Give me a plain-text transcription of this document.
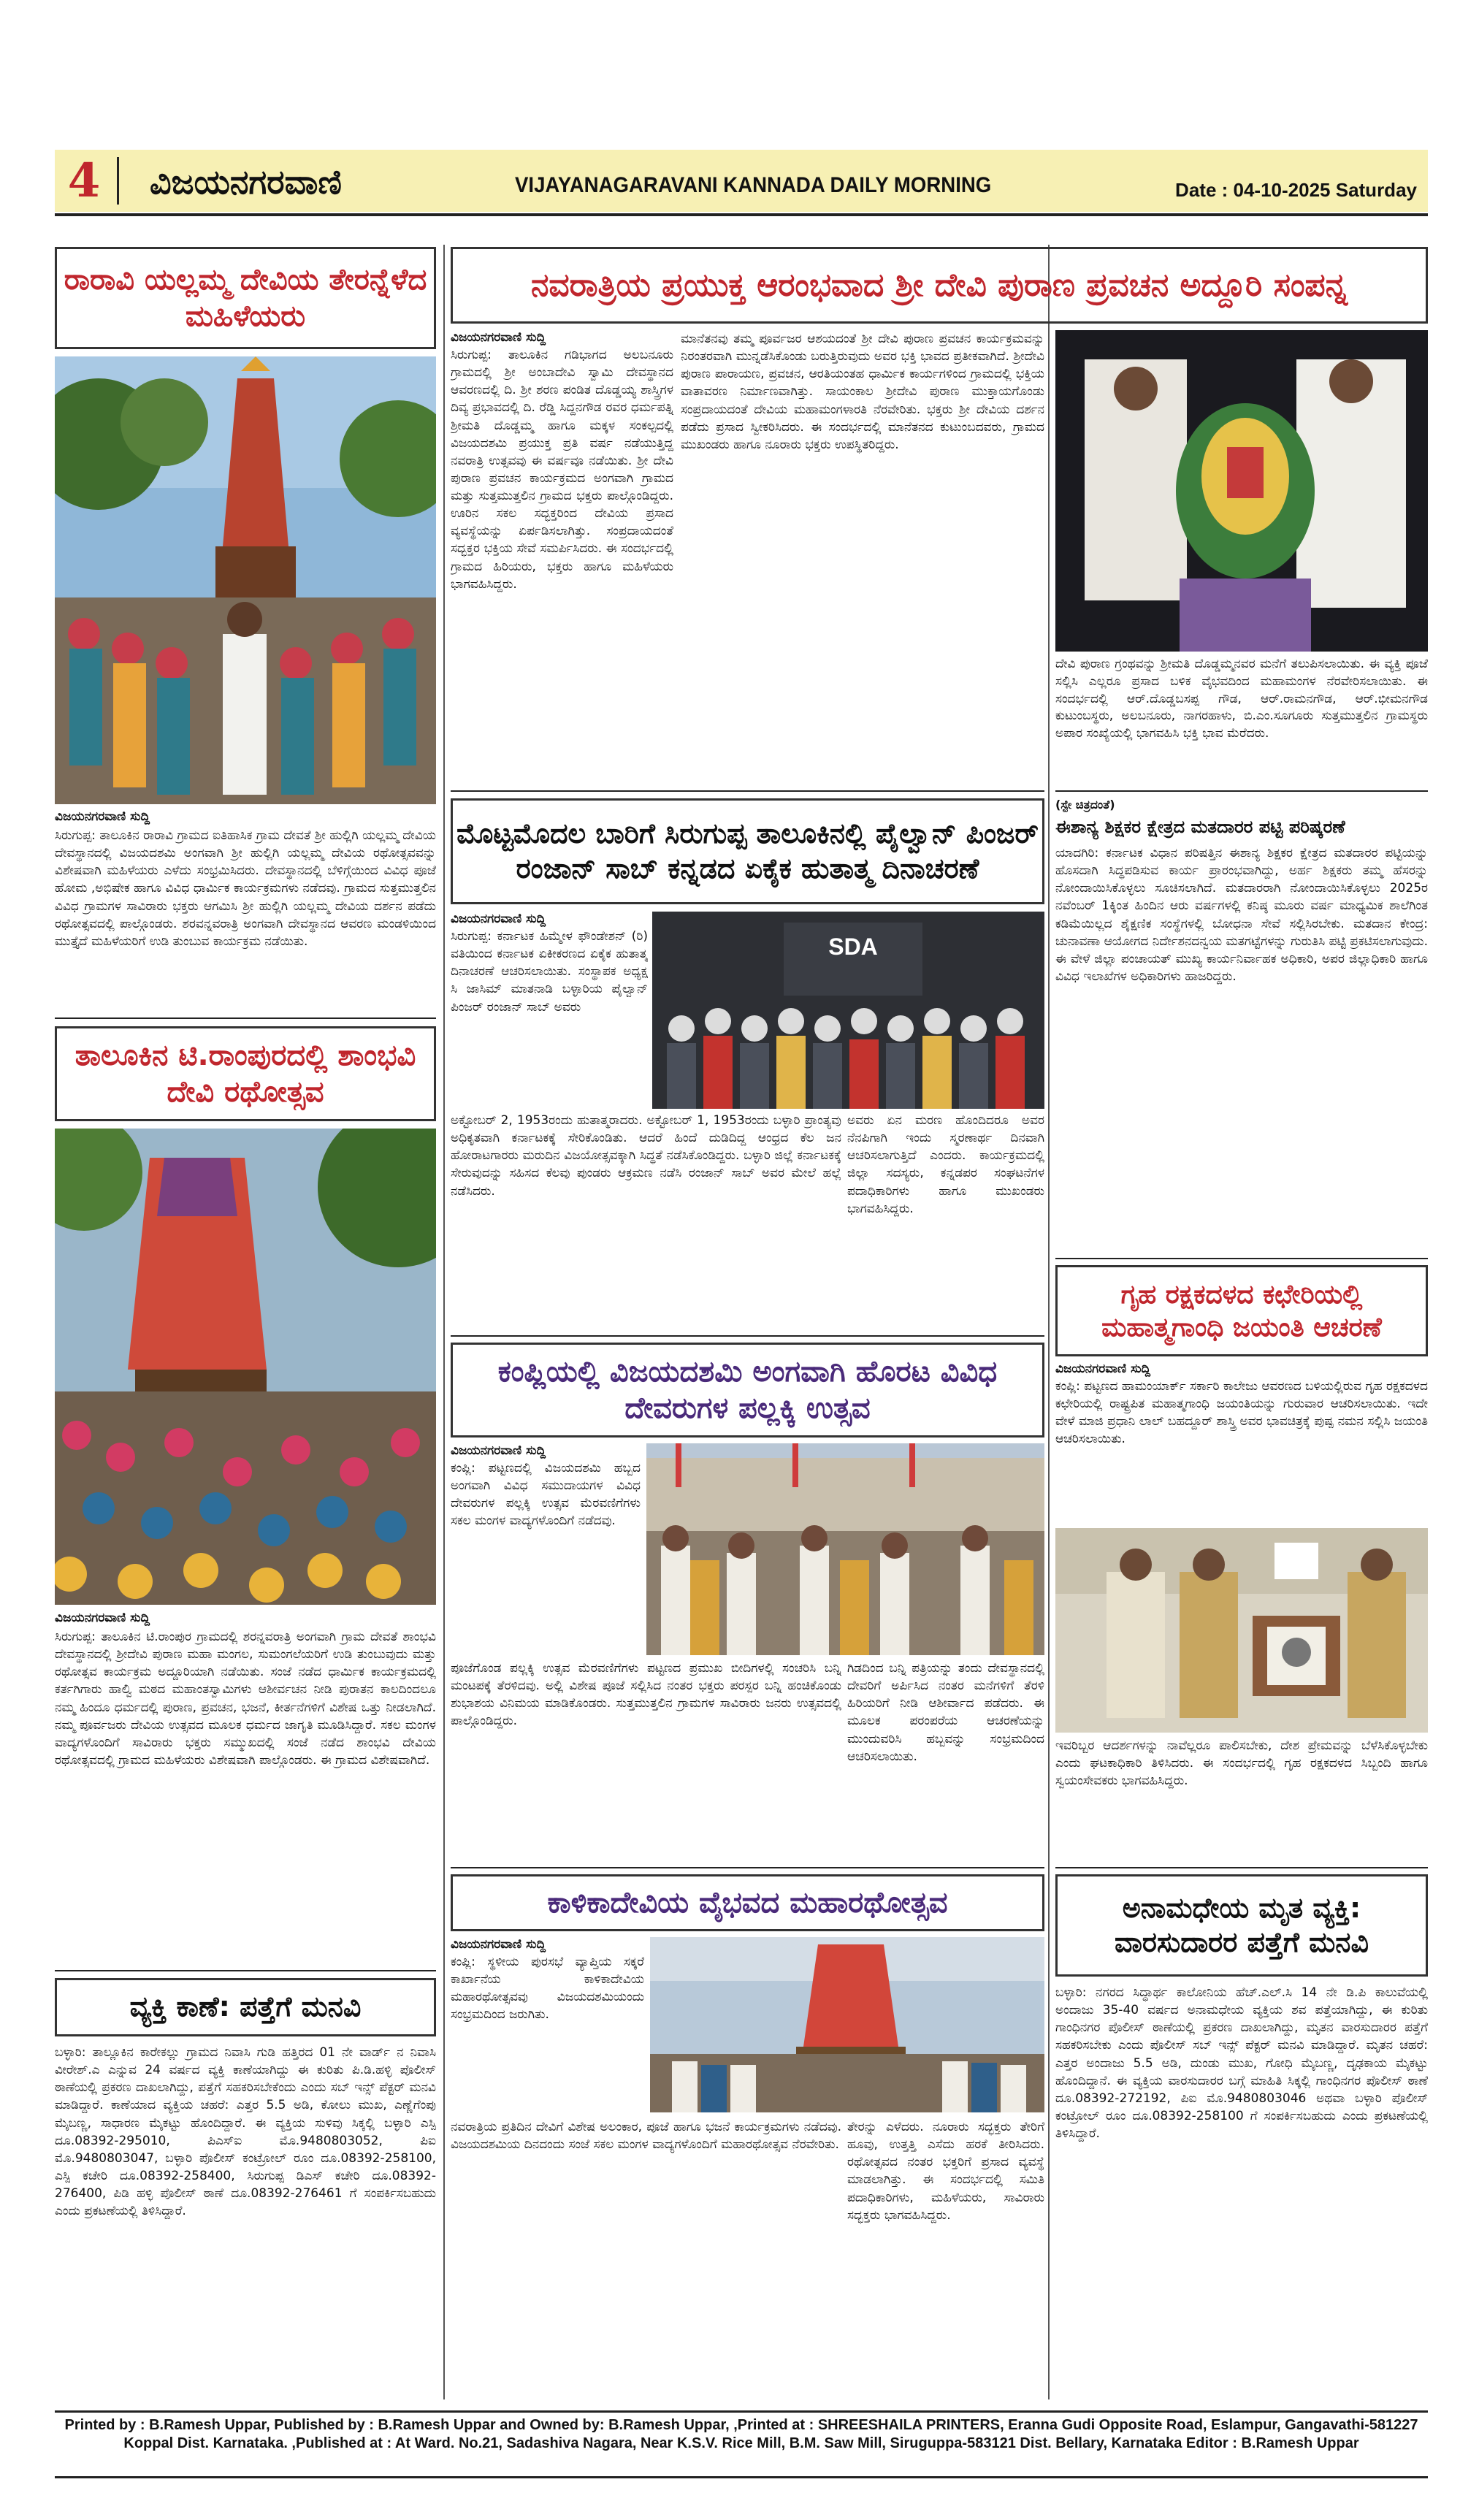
4 ವಿಜಯನಗರವಾಣಿ	VIJAYANAGARAVANI KANNADA DAILY MORNING	Date : 04-10-2025 Saturday
ರಾರಾವಿ ಯಲ್ಲಮ್ಮ ದೇವಿಯ ತೇರನ್ನೆಳೆದ ಮಹಿಳೆಯರು
ವಿಜಯನಗರವಾಣಿ ಸುದ್ದಿ
ಸಿರುಗುಪ್ಪ: ತಾಲೂಕಿನ ರಾರಾವಿ ಗ್ರಾಮದ ಐತಿಹಾಸಿಕ ಗ್ರಾಮ ದೇವತೆ ಶ್ರೀ ಹುಲ್ಲಿಗಿ ಯಲ್ಲಮ್ಮ ದೇವಿಯ ದೇವಸ್ಥಾನದಲ್ಲಿ ವಿಜಯದಶಮಿ ಅಂಗವಾಗಿ ಶ್ರೀ ಹುಲ್ಲಿಗಿ ಯಲ್ಲಮ್ಮ ದೇವಿಯ ರಥೋತ್ಸವವನ್ನು ವಿಶೇಷವಾಗಿ ಮಹಿಳೆಯರು ಎಳೆದು ಸಂಭ್ರಮಿಸಿದರು. ದೇವಸ್ಥಾನದಲ್ಲಿ ಬೆಳಿಗ್ಗೆಯಿಂದ ವಿವಿಧ ಪೂಜೆ ಹೋಮ ,ಅಭಿಷೇಕ ಹಾಗೂ ವಿವಿಧ ಧಾರ್ಮಿಕ ಕಾರ್ಯಕ್ರಮಗಳು ನಡೆದವು. ಗ್ರಾಮದ ಸುತ್ತಮುತ್ತಲಿನ ವಿವಿಧ ಗ್ರಾಮಗಳ ಸಾವಿರಾರು ಭಕ್ತರು ಆಗಮಿಸಿ ಶ್ರೀ ಹುಲ್ಲಿಗಿ ಯಲ್ಲಮ್ಮ ದೇವಿಯ ದರ್ಶನ ಪಡೆದು ರಥೋತ್ಸವದಲ್ಲಿ ಪಾಲ್ಗೊಂಡರು. ಶರವನ್ನವರಾತ್ರಿ ಅಂಗವಾಗಿ ದೇವಸ್ಥಾನದ ಆವರಣ ಮಂಡಳಿಯಿಂದ ಮುತ್ತೈದೆ ಮಹಿಳೆಯರಿಗೆ ಉಡಿ ತುಂಬುವ ಕಾರ್ಯಕ್ರಮ ನಡೆಯಿತು.
ತಾಲೂಕಿನ ಟಿ.ರಾಂಪುರದಲ್ಲಿ ಶಾಂಭವಿ ದೇವಿ ರಥೋತ್ಸವ
ವಿಜಯನಗರವಾಣಿ ಸುದ್ದಿ
ಸಿರುಗುಪ್ಪ: ತಾಲೂಕಿನ ಟಿ.ರಾಂಪುರ ಗ್ರಾಮದಲ್ಲಿ ಶರನ್ನವರಾತ್ರಿ ಅಂಗವಾಗಿ ಗ್ರಾಮ ದೇವತೆ ಶಾಂಭವಿ ದೇವಸ್ಥಾನದಲ್ಲಿ ಶ್ರೀದೇವಿ ಪುರಾಣ ಮಹಾ ಮಂಗಲ, ಸುಮಂಗಲೆಯರಿಗೆ ಉಡಿ ತುಂಬುವುದು ಮತ್ತು ರಥೋತ್ಸವ ಕಾರ್ಯಕ್ರಮ ಅದ್ದೂರಿಯಾಗಿ ನಡೆಯಿತು. ಸಂಜೆ ನಡೆದ ಧಾರ್ಮಿಕ ಕಾರ್ಯಕ್ರಮದಲ್ಲಿ ಕರ್ತಗಿಗಾರು ಹಾಲ್ವಿ ಮಠದ ಮಹಾಂತಸ್ವಾಮಿಗಳು ಆಶೀರ್ವಚನ ನೀಡಿ ಪುರಾತನ ಕಾಲದಿಂದಲೂ ನಮ್ಮ ಹಿಂದೂ ಧರ್ಮದಲ್ಲಿ ಪುರಾಣ, ಪ್ರವಚನ, ಭಜನೆ, ಕೀರ್ತನೆಗಳಿಗೆ ವಿಶೇಷ ಒತ್ತು ನೀಡಲಾಗಿದೆ. ನಮ್ಮ ಪೂರ್ವಜರು ದೇವಿಯ ಉತ್ಸವದ ಮೂಲಕ ಧರ್ಮದ ಜಾಗೃತಿ ಮೂಡಿಸಿದ್ದಾರೆ. ಸಕಲ ಮಂಗಳ ವಾದ್ಯಗಳೊಂದಿಗೆ ಸಾವಿರಾರು ಭಕ್ತರು ಸಮ್ಮುಖದಲ್ಲಿ ಸಂಜೆ ನಡೆದ ಶಾಂಭವಿ ದೇವಿಯ ರಥೋತ್ಸವದಲ್ಲಿ ಗ್ರಾಮದ ಮಹಿಳೆಯರು ವಿಶೇಷವಾಗಿ ಪಾಲ್ಗೊಂಡರು. ಈ ಗ್ರಾಮದ ವಿಶೇಷವಾಗಿದೆ.
ವ್ಯಕ್ತಿ ಕಾಣೆ: ಪತ್ತೆಗೆ ಮನವಿ
ಬಳ್ಳಾರಿ: ತಾಲ್ಲೂಕಿನ ಕಾರೇಕಲ್ಲು ಗ್ರಾಮದ ನಿವಾಸಿ ಗುಡಿ ಹತ್ತಿರದ 01 ನೇ ವಾರ್ಡ್ ನ ನಿವಾಸಿ ವೀರೇಶ್.ಎ ಎನ್ನುವ 24 ವರ್ಷದ ವ್ಯಕ್ತಿ ಕಾಣೆಯಾಗಿದ್ದು ಈ ಕುರಿತು ಪಿ.ಡಿ.ಹಳ್ಳಿ ಪೊಲೀಸ್ ಠಾಣೆಯಲ್ಲಿ ಪ್ರಕರಣ ದಾಖಲಾಗಿದ್ದು, ಪತ್ತೆಗೆ ಸಹಕರಿಸಬೇಕೆಂದು ಎಂದು ಸಬ್ ಇನ್ಸ್ ಪೆಕ್ಟರ್ ಮನವಿ ಮಾಡಿದ್ದಾರೆ. ಕಾಣೆಯಾದ ವ್ಯಕ್ತಿಯ ಚಹರೆ: ಎತ್ತರ 5.5 ಅಡಿ, ಕೋಲು ಮುಖ, ಎಣ್ಣೆಗೆಂಪು ಮೈಬಣ್ಣ, ಸಾಧಾರಣ ಮೈಕಟ್ಟು ಹೊಂದಿದ್ದಾರೆ. ಈ ವ್ಯಕ್ತಿಯ ಸುಳಿವು ಸಿಕ್ಕಲ್ಲಿ ಬಳ್ಳಾರಿ ಎಸ್ಪಿ ದೂ.08392-295010, ಪಿಎಸ್ಐ ಮೊ.9480803052, ಪಿಐ ಮೊ.9480803047, ಬಳ್ಳಾರಿ ಪೊಲೀಸ್ ಕಂಟ್ರೋಲ್ ರೂಂ ದೂ.08392-258100, ಎಸ್ಪಿ ಕಚೇರಿ ದೂ.08392-258400, ಸಿರುಗುಪ್ಪ ಡಿಎಸ್ ಕಚೇರಿ ದೂ.08392-276400, ಪಿಡಿ ಹಳ್ಳಿ ಪೊಲೀಸ್ ಠಾಣೆ ದೂ.08392-276461 ಗೆ ಸಂಪರ್ಕಿಸಬಹುದು ಎಂದು ಪ್ರಕಟಣೆಯಲ್ಲಿ ತಿಳಿಸಿದ್ದಾರೆ.
ನವರಾತ್ರಿಯ ಪ್ರಯುಕ್ತ ಆರಂಭವಾದ ಶ್ರೀ ದೇವಿ ಪುರಾಣ ಪ್ರವಚನ ಅದ್ದೂರಿ ಸಂಪನ್ನ
ವಿಜಯನಗರವಾಣಿ ಸುದ್ದಿ
ಸಿರುಗುಪ್ಪ: ತಾಲೂಕಿನ ಗಡಿಭಾಗದ ಅಲಬನೂರು ಗ್ರಾಮದಲ್ಲಿ ಶ್ರೀ ಅಂಬಾದೇವಿ ಸ್ವಾಮಿ ದೇವಸ್ಥಾನದ ಆವರಣದಲ್ಲಿ ದಿ. ಶ್ರೀ ಶರಣ ಪಂಡಿತ ದೊಡ್ಡಯ್ಯ ಶಾಸ್ತ್ರಿಗಳ ದಿವ್ಯ ಪ್ರಭಾವದಲ್ಲಿ ದಿ. ರೆಡ್ಡಿ ಸಿದ್ದನಗೌಡ ರವರ ಧರ್ಮಪತ್ನಿ ಶ್ರೀಮತಿ ದೊಡ್ಡಮ್ಮ ಹಾಗೂ ಮಕ್ಕಳ ಸಂಕಲ್ಪದಲ್ಲಿ ವಿಜಯದಶಮಿ ಪ್ರಯುಕ್ತ ಪ್ರತಿ ವರ್ಷ ನಡೆಯುತ್ತಿದ್ದ ನವರಾತ್ರಿ ಉತ್ಸವವು ಈ ವರ್ಷವೂ ನಡೆಯಿತು. ಶ್ರೀ ದೇವಿ ಪುರಾಣ ಪ್ರವಚನ ಕಾರ್ಯಕ್ರಮದ ಅಂಗವಾಗಿ ಗ್ರಾಮದ ಮತ್ತು ಸುತ್ತಮುತ್ತಲಿನ ಗ್ರಾಮದ ಭಕ್ತರು ಪಾಲ್ಗೊಂಡಿದ್ದರು. ಊರಿನ ಸಕಲ ಸದ್ಭಕ್ತರಿಂದ ದೇವಿಯ ಪ್ರಸಾದ ವ್ಯವಸ್ಥೆಯನ್ನು ಏರ್ಪಡಿಸಲಾಗಿತ್ತು. ಸಂಪ್ರದಾಯದಂತೆ ಸದ್ಭಕ್ತರ ಭಕ್ತಿಯ ಸೇವೆ ಸಮರ್ಪಿಸಿದರು. ಈ ಸಂದರ್ಭದಲ್ಲಿ ಗ್ರಾಮದ ಹಿರಿಯರು, ಭಕ್ತರು ಹಾಗೂ ಮಹಿಳೆಯರು ಭಾಗವಹಿಸಿದ್ದರು.
ಮಾನೆತನವು ತಮ್ಮ ಪೂರ್ವಜರ ಆಶಯದಂತೆ ಶ್ರೀ ದೇವಿ ಪುರಾಣ ಪ್ರವಚನ ಕಾರ್ಯಕ್ರಮವನ್ನು ನಿರಂತರವಾಗಿ ಮುನ್ನಡೆಸಿಕೊಂಡು ಬರುತ್ತಿರುವುದು ಅವರ ಭಕ್ತಿ ಭಾವದ ಪ್ರತೀಕವಾಗಿದೆ. ಶ್ರೀದೇವಿ ಪುರಾಣ ಪಾರಾಯಣ, ಪ್ರವಚನ, ಆರತಿಯಂತಹ ಧಾರ್ಮಿಕ ಕಾರ್ಯಗಳಿಂದ ಗ್ರಾಮದಲ್ಲಿ ಭಕ್ತಿಯ ವಾತಾವರಣ ನಿರ್ಮಾಣವಾಗಿತ್ತು. ಸಾಯಂಕಾಲ ಶ್ರೀದೇವಿ ಪುರಾಣ ಮುಕ್ತಾಯಗೊಂಡು ಸಂಪ್ರದಾಯದಂತೆ ದೇವಿಯ ಮಹಾಮಂಗಳಾರತಿ ನೆರವೇರಿತು. ಭಕ್ತರು ಶ್ರೀ ದೇವಿಯ ದರ್ಶನ ಪಡೆದು ಪ್ರಸಾದ ಸ್ವೀಕರಿಸಿದರು. ಈ ಸಂದರ್ಭದಲ್ಲಿ ಮಾನೆತನದ ಕುಟುಂಬದವರು, ಗ್ರಾಮದ ಮುಖಂಡರು ಹಾಗೂ ನೂರಾರು ಭಕ್ತರು ಉಪಸ್ಥಿತರಿದ್ದರು.
ದೇವಿ ಪುರಾಣ ಗ್ರಂಥವನ್ನು ಶ್ರೀಮತಿ ದೊಡ್ಡಮ್ಮನವರ ಮನೆಗೆ ತಲುಪಿಸಲಾಯಿತು. ಈ ವ್ಯಕ್ತಿ ಪೂಜೆ ಸಲ್ಲಿಸಿ ಎಲ್ಲರೂ ಪ್ರಸಾದ ಬಳಿಕ ವೈಭವದಿಂದ ಮಹಾಮಂಗಳ ನೆರವೇರಿಸಲಾಯಿತು. ಈ ಸಂದರ್ಭದಲ್ಲಿ ಆರ್.ದೊಡ್ಡಬಸಪ್ಪ ಗೌಡ, ಆರ್.ರಾಮನಗೌಡ, ಆರ್.ಭೀಮನಗೌಡ ಕುಟುಂಬಸ್ಥರು, ಅಲಬನೂರು, ನಾಗರಹಾಳು, ಬಿ.ಎಂ.ಸೂಗೂರು ಸುತ್ತಮುತ್ತಲಿನ ಗ್ರಾಮಸ್ಥರು ಅಪಾರ ಸಂಖ್ಯೆಯಲ್ಲಿ ಭಾಗವಹಿಸಿ ಭಕ್ತಿ ಭಾವ ಮೆರೆದರು.
ಮೊಟ್ಟಮೊದಲ ಬಾರಿಗೆ ಸಿರುಗುಪ್ಪ ತಾಲೂಕಿನಲ್ಲಿ ಪೈಲ್ವಾನ್ ಪಿಂಜರ್ ರಂಜಾನ್ ಸಾಬ್ ಕನ್ನಡದ ಏಕೈಕ ಹುತಾತ್ಮ ದಿನಾಚರಣೆ
ವಿಜಯನಗರವಾಣಿ ಸುದ್ದಿ
ಸಿರುಗುಪ್ಪ: ಕರ್ನಾಟಕ ಹಿಮ್ಮೇಳ ಫೌಂಡೇಶನ್ (ರಿ) ವತಿಯಿಂದ ಕರ್ನಾಟಕ ಏಕೀಕರಣದ ಏಕೈಕ ಹುತಾತ್ಮ ದಿನಾಚರಣೆ ಆಚರಿಸಲಾಯಿತು. ಸಂಸ್ಥಾಪಕ ಅಧ್ಯಕ್ಷ ಸಿ ಜಾಸಿಮ್ ಮಾತನಾಡಿ ಬಳ್ಳಾರಿಯ ಪೈಲ್ವಾನ್ ಪಿಂಜರ್ ರಂಜಾನ್ ಸಾಬ್ ಅವರು
SDA
ಅಕ್ಟೋಬರ್ 2, 1953ರಂದು ಹುತಾತ್ಮರಾದರು. ಅಕ್ಟೋಬರ್ 1, 1953ರಂದು ಬಳ್ಳಾರಿ ಪ್ರಾಂತ್ಯವು ಅಧಿಕೃತವಾಗಿ ಕರ್ನಾಟಕಕ್ಕೆ ಸೇರಿಕೊಂಡಿತು. ಆದರೆ ಹಿಂದೆ ದುಡಿದಿದ್ದ ಆಂಧ್ರದ ಕೆಲ ಜನ ಹೋರಾಟಗಾರರು ಮರುದಿನ ವಿಜಯೋತ್ಸವಕ್ಕಾಗಿ ಸಿದ್ಧತೆ ನಡೆಸಿಕೊಂಡಿದ್ದರು. ಬಳ್ಳಾರಿ ಜಿಲ್ಲೆ ಕರ್ನಾಟಕಕ್ಕೆ ಸೇರುವುದನ್ನು ಸಹಿಸದ ಕೆಲವು ಪುಂಡರು ಆಕ್ರಮಣ ನಡೆಸಿ ರಂಜಾನ್ ಸಾಬ್ ಅವರ ಮೇಲೆ ಹಲ್ಲೆ ನಡೆಸಿದರು.
ಅವರು ಏನ ಮರಣ ಹೊಂದಿದರೂ ಅವರ ನೆನಪಿಗಾಗಿ ಇಂದು ಸ್ಮರಣಾರ್ಥ ದಿನವಾಗಿ ಆಚರಿಸಲಾಗುತ್ತಿದೆ ಎಂದರು. ಕಾರ್ಯಕ್ರಮದಲ್ಲಿ ಜಿಲ್ಲಾ ಸದಸ್ಯರು, ಕನ್ನಡಪರ ಸಂಘಟನೆಗಳ ಪದಾಧಿಕಾರಿಗಳು ಹಾಗೂ ಮುಖಂಡರು ಭಾಗವಹಿಸಿದ್ದರು.
ಕಂಪ್ಲಿಯಲ್ಲಿ ವಿಜಯದಶಮಿ ಅಂಗವಾಗಿ ಹೊರಟ ವಿವಿಧ ದೇವರುಗಳ ಪಲ್ಲಕ್ಕಿ ಉತ್ಸವ
ವಿಜಯನಗರವಾಣಿ ಸುದ್ದಿ
ಕಂಪ್ಲಿ: ಪಟ್ಟಣದಲ್ಲಿ ವಿಜಯದಶಮಿ ಹಬ್ಬದ ಅಂಗವಾಗಿ ವಿವಿಧ ಸಮುದಾಯಗಳ ವಿವಿಧ ದೇವರುಗಳ ಪಲ್ಲಕ್ಕಿ ಉತ್ಸವ ಮೆರವಣಿಗೆಗಳು ಸಕಲ ಮಂಗಳ ವಾದ್ಯಗಳೊಂದಿಗೆ ನಡೆದವು.
ಪೂಜೆಗೊಂಡ ಪಲ್ಲಕ್ಕಿ ಉತ್ಸವ ಮೆರವಣಿಗೆಗಳು ಪಟ್ಟಣದ ಪ್ರಮುಖ ಬೀದಿಗಳಲ್ಲಿ ಸಂಚರಿಸಿ ಬನ್ನಿ ಮಂಟಪಕ್ಕೆ ತೆರಳಿದವು. ಅಲ್ಲಿ ವಿಶೇಷ ಪೂಜೆ ಸಲ್ಲಿಸಿದ ನಂತರ ಭಕ್ತರು ಪರಸ್ಪರ ಬನ್ನಿ ಹಂಚಿಕೊಂಡು ಶುಭಾಶಯ ವಿನಿಮಯ ಮಾಡಿಕೊಂಡರು. ಸುತ್ತಮುತ್ತಲಿನ ಗ್ರಾಮಗಳ ಸಾವಿರಾರು ಜನರು ಉತ್ಸವದಲ್ಲಿ ಪಾಲ್ಗೊಂಡಿದ್ದರು.
ಗಿಡದಿಂದ ಬನ್ನಿ ಪತ್ರಿಯನ್ನು ತಂದು ದೇವಸ್ಥಾನದಲ್ಲಿ ದೇವರಿಗೆ ಅರ್ಪಿಸಿದ ನಂತರ ಮನೆಗಳಿಗೆ ತೆರಳಿ ಹಿರಿಯರಿಗೆ ನೀಡಿ ಆಶೀರ್ವಾದ ಪಡೆದರು. ಈ ಮೂಲಕ ಪರಂಪರೆಯ ಆಚರಣೆಯನ್ನು ಮುಂದುವರಿಸಿ ಹಬ್ಬವನ್ನು ಸಂಭ್ರಮದಿಂದ ಆಚರಿಸಲಾಯಿತು.
ಕಾಳಿಕಾದೇವಿಯ ವೈಭವದ ಮಹಾರಥೋತ್ಸವ
ವಿಜಯನಗರವಾಣಿ ಸುದ್ದಿ
ಕಂಪ್ಲಿ: ಸ್ಥಳೀಯ ಪುರಸಭೆ ವ್ಯಾಪ್ತಿಯ ಸಕ್ಕರೆ ಕಾರ್ಖಾನೆಯ ಕಾಳಿಕಾದೇವಿಯ ಮಹಾರಥೋತ್ಸವವು ವಿಜಯದಶಮಿಯಂದು ಸಂಭ್ರಮದಿಂದ ಜರುಗಿತು.
ನವರಾತ್ರಿಯ ಪ್ರತಿದಿನ ದೇವಿಗೆ ವಿಶೇಷ ಅಲಂಕಾರ, ಪೂಜೆ ಹಾಗೂ ಭಜನೆ ಕಾರ್ಯಕ್ರಮಗಳು ನಡೆದವು. ವಿಜಯದಶಮಿಯ ದಿನದಂದು ಸಂಜೆ ಸಕಲ ಮಂಗಳ ವಾದ್ಯಗಳೊಂದಿಗೆ ಮಹಾರಥೋತ್ಸವ ನೆರವೇರಿತು.
ತೇರನ್ನು ಎಳೆದರು. ನೂರಾರು ಸದ್ಭಕ್ತರು ತೇರಿಗೆ ಹೂವು, ಉತ್ತತ್ತಿ ಎಸೆದು ಹರಕೆ ತೀರಿಸಿದರು. ರಥೋತ್ಸವದ ನಂತರ ಭಕ್ತರಿಗೆ ಪ್ರಸಾದ ವ್ಯವಸ್ಥೆ ಮಾಡಲಾಗಿತ್ತು. ಈ ಸಂದರ್ಭದಲ್ಲಿ ಸಮಿತಿ ಪದಾಧಿಕಾರಿಗಳು, ಮಹಿಳೆಯರು, ಸಾವಿರಾರು ಸದ್ಭಕ್ತರು ಭಾಗವಹಿಸಿದ್ದರು.
(ಸ್ಟೇ ಚಿತ್ರದಂತೆ)
ಈಶಾನ್ಯ ಶಿಕ್ಷಕರ ಕ್ಷೇತ್ರದ ಮತದಾರರ ಪಟ್ಟಿ ಪರಿಷ್ಕರಣೆ
ಯಾದಗಿರಿ: ಕರ್ನಾಟಕ ವಿಧಾನ ಪರಿಷತ್ತಿನ ಈಶಾನ್ಯ ಶಿಕ್ಷಕರ ಕ್ಷೇತ್ರದ ಮತದಾರರ ಪಟ್ಟಿಯನ್ನು ಹೊಸದಾಗಿ ಸಿದ್ಧಪಡಿಸುವ ಕಾರ್ಯ ಪ್ರಾರಂಭವಾಗಿದ್ದು, ಅರ್ಹ ಶಿಕ್ಷಕರು ತಮ್ಮ ಹೆಸರನ್ನು ನೋಂದಾಯಿಸಿಕೊಳ್ಳಲು ಸೂಚಿಸಲಾಗಿದೆ. ಮತದಾರರಾಗಿ ನೋಂದಾಯಿಸಿಕೊಳ್ಳಲು 2025ರ ನವೆಂಬರ್ 1ಕ್ಕಿಂತ ಹಿಂದಿನ ಆರು ವರ್ಷಗಳಲ್ಲಿ ಕನಿಷ್ಠ ಮೂರು ವರ್ಷ ಮಾಧ್ಯಮಿಕ ಶಾಲೆಗಿಂತ ಕಡಿಮೆಯಿಲ್ಲದ ಶೈಕ್ಷಣಿಕ ಸಂಸ್ಥೆಗಳಲ್ಲಿ ಬೋಧನಾ ಸೇವೆ ಸಲ್ಲಿಸಿರಬೇಕು. ಮತದಾನ ಕೇಂದ್ರ: ಚುನಾವಣಾ ಆಯೋಗದ ನಿರ್ದೇಶನದನ್ವಯ ಮತಗಟ್ಟೆಗಳನ್ನು ಗುರುತಿಸಿ ಪಟ್ಟಿ ಪ್ರಕಟಿಸಲಾಗುವುದು. ಈ ವೇಳೆ ಜಿಲ್ಲಾ ಪಂಚಾಯತ್ ಮುಖ್ಯ ಕಾರ್ಯನಿರ್ವಾಹಕ ಅಧಿಕಾರಿ, ಅಪರ ಜಿಲ್ಲಾಧಿಕಾರಿ ಹಾಗೂ ವಿವಿಧ ಇಲಾಖೆಗಳ ಅಧಿಕಾರಿಗಳು ಹಾಜರಿದ್ದರು.
ಗೃಹ ರಕ್ಷಕದಳದ ಕಛೇರಿಯಲ್ಲಿ ಮಹಾತ್ಮಗಾಂಧಿ ಜಯಂತಿ ಆಚರಣೆ
ವಿಜಯನಗರವಾಣಿ ಸುದ್ದಿ
ಕಂಪ್ಲಿ: ಪಟ್ಟಣದ ಹಾಮಂಯಾರ್ಕ್ ಸರ್ಕಾರಿ ಕಾಲೇಜು ಆವರಣದ ಬಳಿಯಲ್ಲಿರುವ ಗೃಹ ರಕ್ಷಕದಳದ ಕಛೇರಿಯಲ್ಲಿ ರಾಷ್ಟ್ರಪಿತ ಮಹಾತ್ಮಗಾಂಧಿ ಜಯಂತಿಯನ್ನು ಗುರುವಾರ ಆಚರಿಸಲಾಯಿತು. ಇದೇ ವೇಳೆ ಮಾಜಿ ಪ್ರಧಾನಿ ಲಾಲ್ ಬಹದ್ದೂರ್ ಶಾಸ್ತ್ರಿ ಅವರ ಭಾವಚಿತ್ರಕ್ಕೆ ಪುಷ್ಪ ನಮನ ಸಲ್ಲಿಸಿ ಜಯಂತಿ ಆಚರಿಸಲಾಯಿತು.
ಇವರಿಬ್ಬರ ಆದರ್ಶಗಳನ್ನು ನಾವೆಲ್ಲರೂ ಪಾಲಿಸಬೇಕು, ದೇಶ ಪ್ರೇಮವನ್ನು ಬೆಳೆಸಿಕೊಳ್ಳಬೇಕು ಎಂದು ಘಟಕಾಧಿಕಾರಿ ತಿಳಿಸಿದರು. ಈ ಸಂದರ್ಭದಲ್ಲಿ ಗೃಹ ರಕ್ಷಕದಳದ ಸಿಬ್ಬಂದಿ ಹಾಗೂ ಸ್ವಯಂಸೇವಕರು ಭಾಗವಹಿಸಿದ್ದರು.
ಅನಾಮಧೇಯ ಮೃತ ವ್ಯಕ್ತಿ: ವಾರಸುದಾರರ ಪತ್ತೆಗೆ ಮನವಿ
ಬಳ್ಳಾರಿ: ನಗರದ ಸಿದ್ಧಾರ್ಥ ಕಾಲೋನಿಯ ಹೆಚ್.ಎಲ್.ಸಿ 14 ನೇ ಡಿ.ಪಿ ಕಾಲುವೆಯಲ್ಲಿ ಅಂದಾಜು 35-40 ವರ್ಷದ ಅನಾಮಧೇಯ ವ್ಯಕ್ತಿಯ ಶವ ಪತ್ತೆಯಾಗಿದ್ದು, ಈ ಕುರಿತು ಗಾಂಧಿನಗರ ಪೊಲೀಸ್ ಠಾಣೆಯಲ್ಲಿ ಪ್ರಕರಣ ದಾಖಲಾಗಿದ್ದು, ಮೃತನ ವಾರಸುದಾರರ ಪತ್ತೆಗೆ ಸಹಕರಿಸಬೇಕು ಎಂದು ಪೊಲೀಸ್ ಸಬ್ ಇನ್ಸ್ ಪೆಕ್ಟರ್ ಮನವಿ ಮಾಡಿದ್ದಾರೆ. ಮೃತನ ಚಹರೆ: ಎತ್ತರ ಅಂದಾಜು 5.5 ಅಡಿ, ದುಂಡು ಮುಖ, ಗೋಧಿ ಮೈಬಣ್ಣ, ದೃಢಕಾಯ ಮೈಕಟ್ಟು ಹೊಂದಿದ್ದಾನೆ. ಈ ವ್ಯಕ್ತಿಯ ವಾರಸುದಾರರ ಬಗ್ಗೆ ಮಾಹಿತಿ ಸಿಕ್ಕಲ್ಲಿ ಗಾಂಧಿನಗರ ಪೊಲೀಸ್ ಠಾಣೆ ದೂ.08392-272192, ಪಿಐ ಮೊ.9480803046 ಅಥವಾ ಬಳ್ಳಾರಿ ಪೊಲೀಸ್ ಕಂಟ್ರೋಲ್ ರೂಂ ದೂ.08392-258100 ಗೆ ಸಂಪರ್ಕಿಸಬಹುದು ಎಂದು ಪ್ರಕಟಣೆಯಲ್ಲಿ ತಿಳಿಸಿದ್ದಾರೆ.
Printed by : B.Ramesh Uppar, Published by : B.Ramesh Uppar and Owned by: B.Ramesh Uppar, ,Printed at : SHREESHAILA PRINTERS, Eranna Gudi Opposite Road, Eslampur, Gangavathi-581227 Koppal Dist. Karnataka. ,Published at : At Ward. No.21, Sadashiva Nagara, Near K.S.V. Rice Mill, B.M. Saw Mill, Siruguppa-583121 Dist. Bellary, Karnataka Editor : B.Ramesh Uppar
